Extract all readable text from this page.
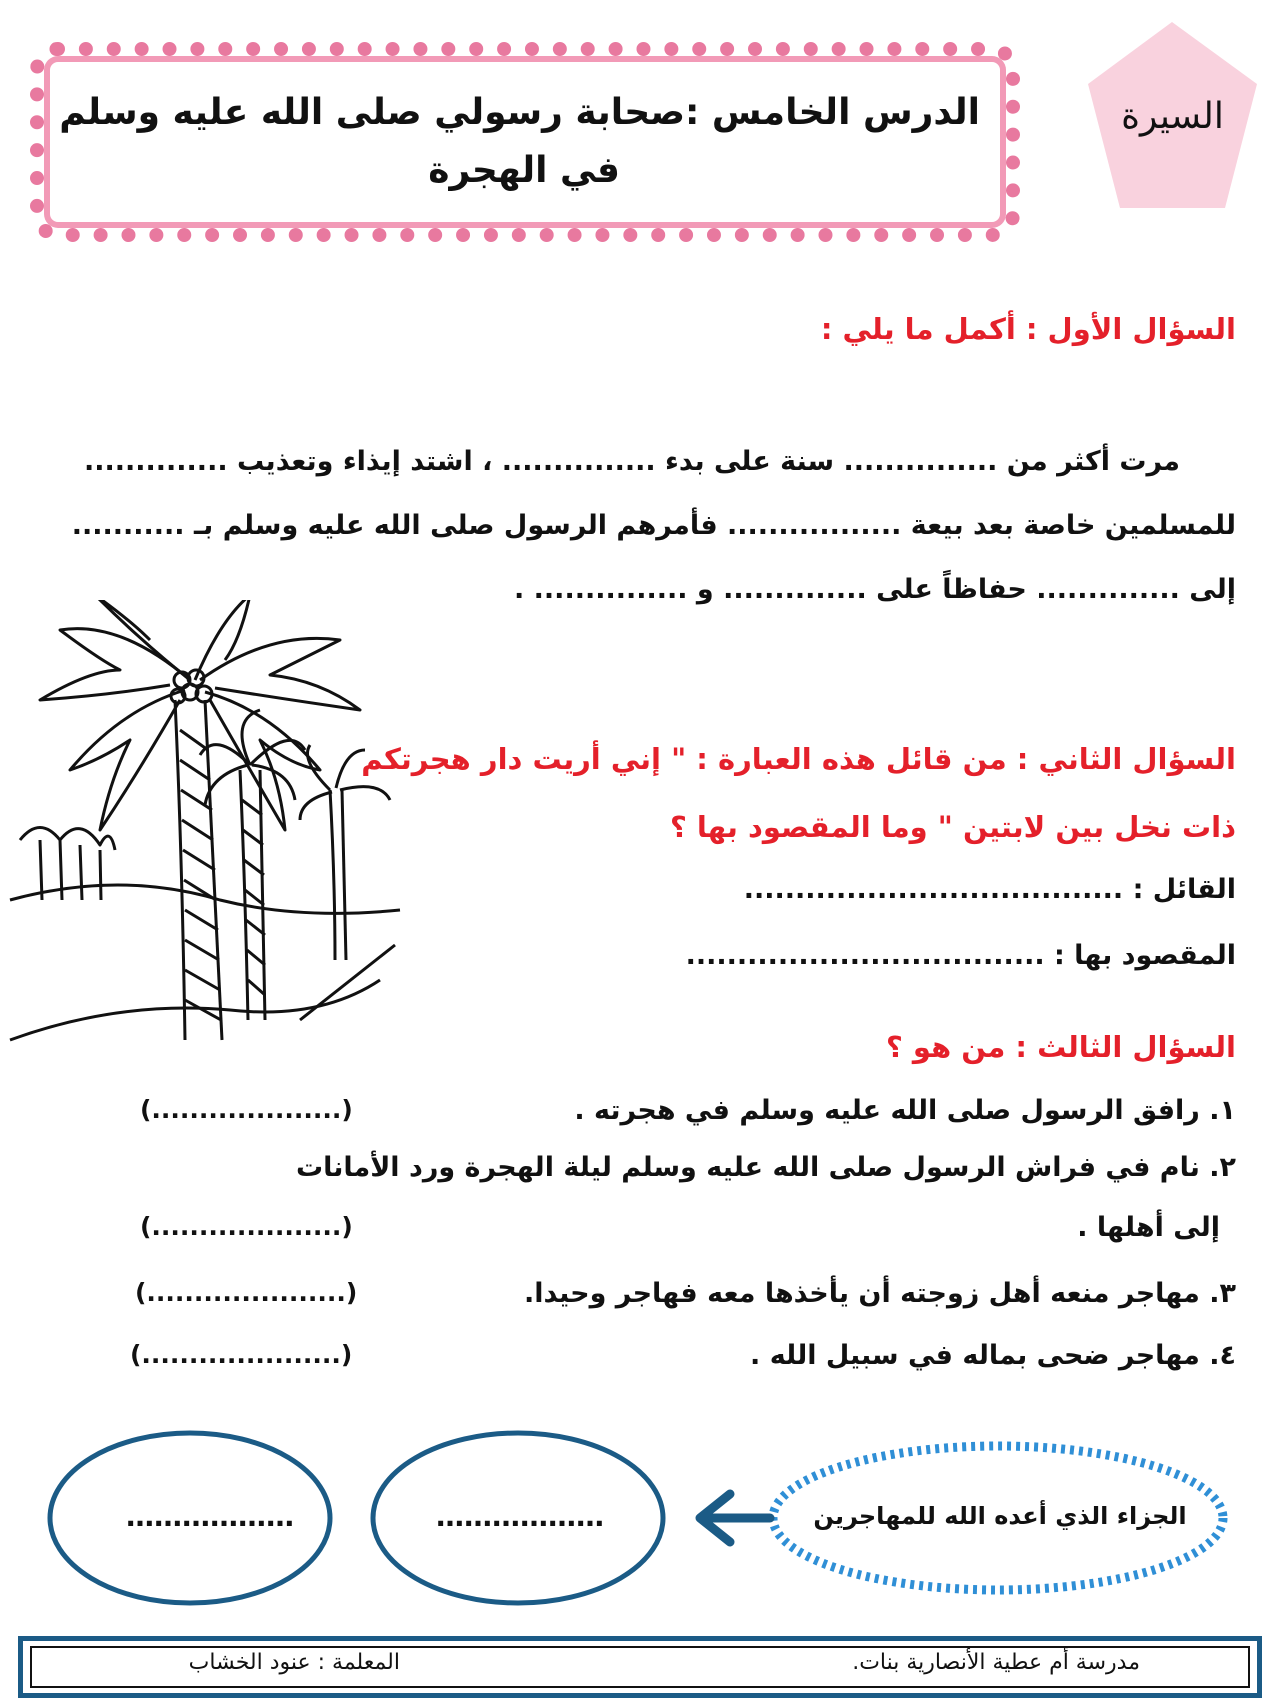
الدرس الخامس :صحابة رسولي صلى الله عليه وسلم
في الهجرة
السيرة
السؤال الأول : أكمل ما يلي :
مرت أكثر من ............... سنة على بدء ............... ، اشتد إيذاء وتعذيب ..............
للمسلمين خاصة بعد بيعة ................. فأمرهم الرسول صلى الله عليه وسلم بـ ...........
إلى .............. حفاظاً على .............. و ............... .
السؤال الثاني : من قائل هذه العبارة : " إني أريت دار هجرتكم
ذات نخل بين لابتين " وما المقصود بها ؟
القائل : .....................................
المقصود بها : ...................................
السؤال الثالث : من هو ؟
١. رافق الرسول صلى الله عليه وسلم في هجرته .
٢. نام في فراش الرسول صلى الله عليه وسلم ليلة الهجرة ورد الأمانات
إلى أهلها .
٣. مهاجر منعه أهل زوجته أن يأخذها معه فهاجر وحيدا.
٤. مهاجر ضحى بماله في سبيل الله .
(....................)
(....................)
(.....................)
(.....................)
………………	………………	الجزاء الذي أعده الله للمهاجرين
مدرسة أم عطية الأنصارية بنات.
المعلمة : عنود الخشاب
